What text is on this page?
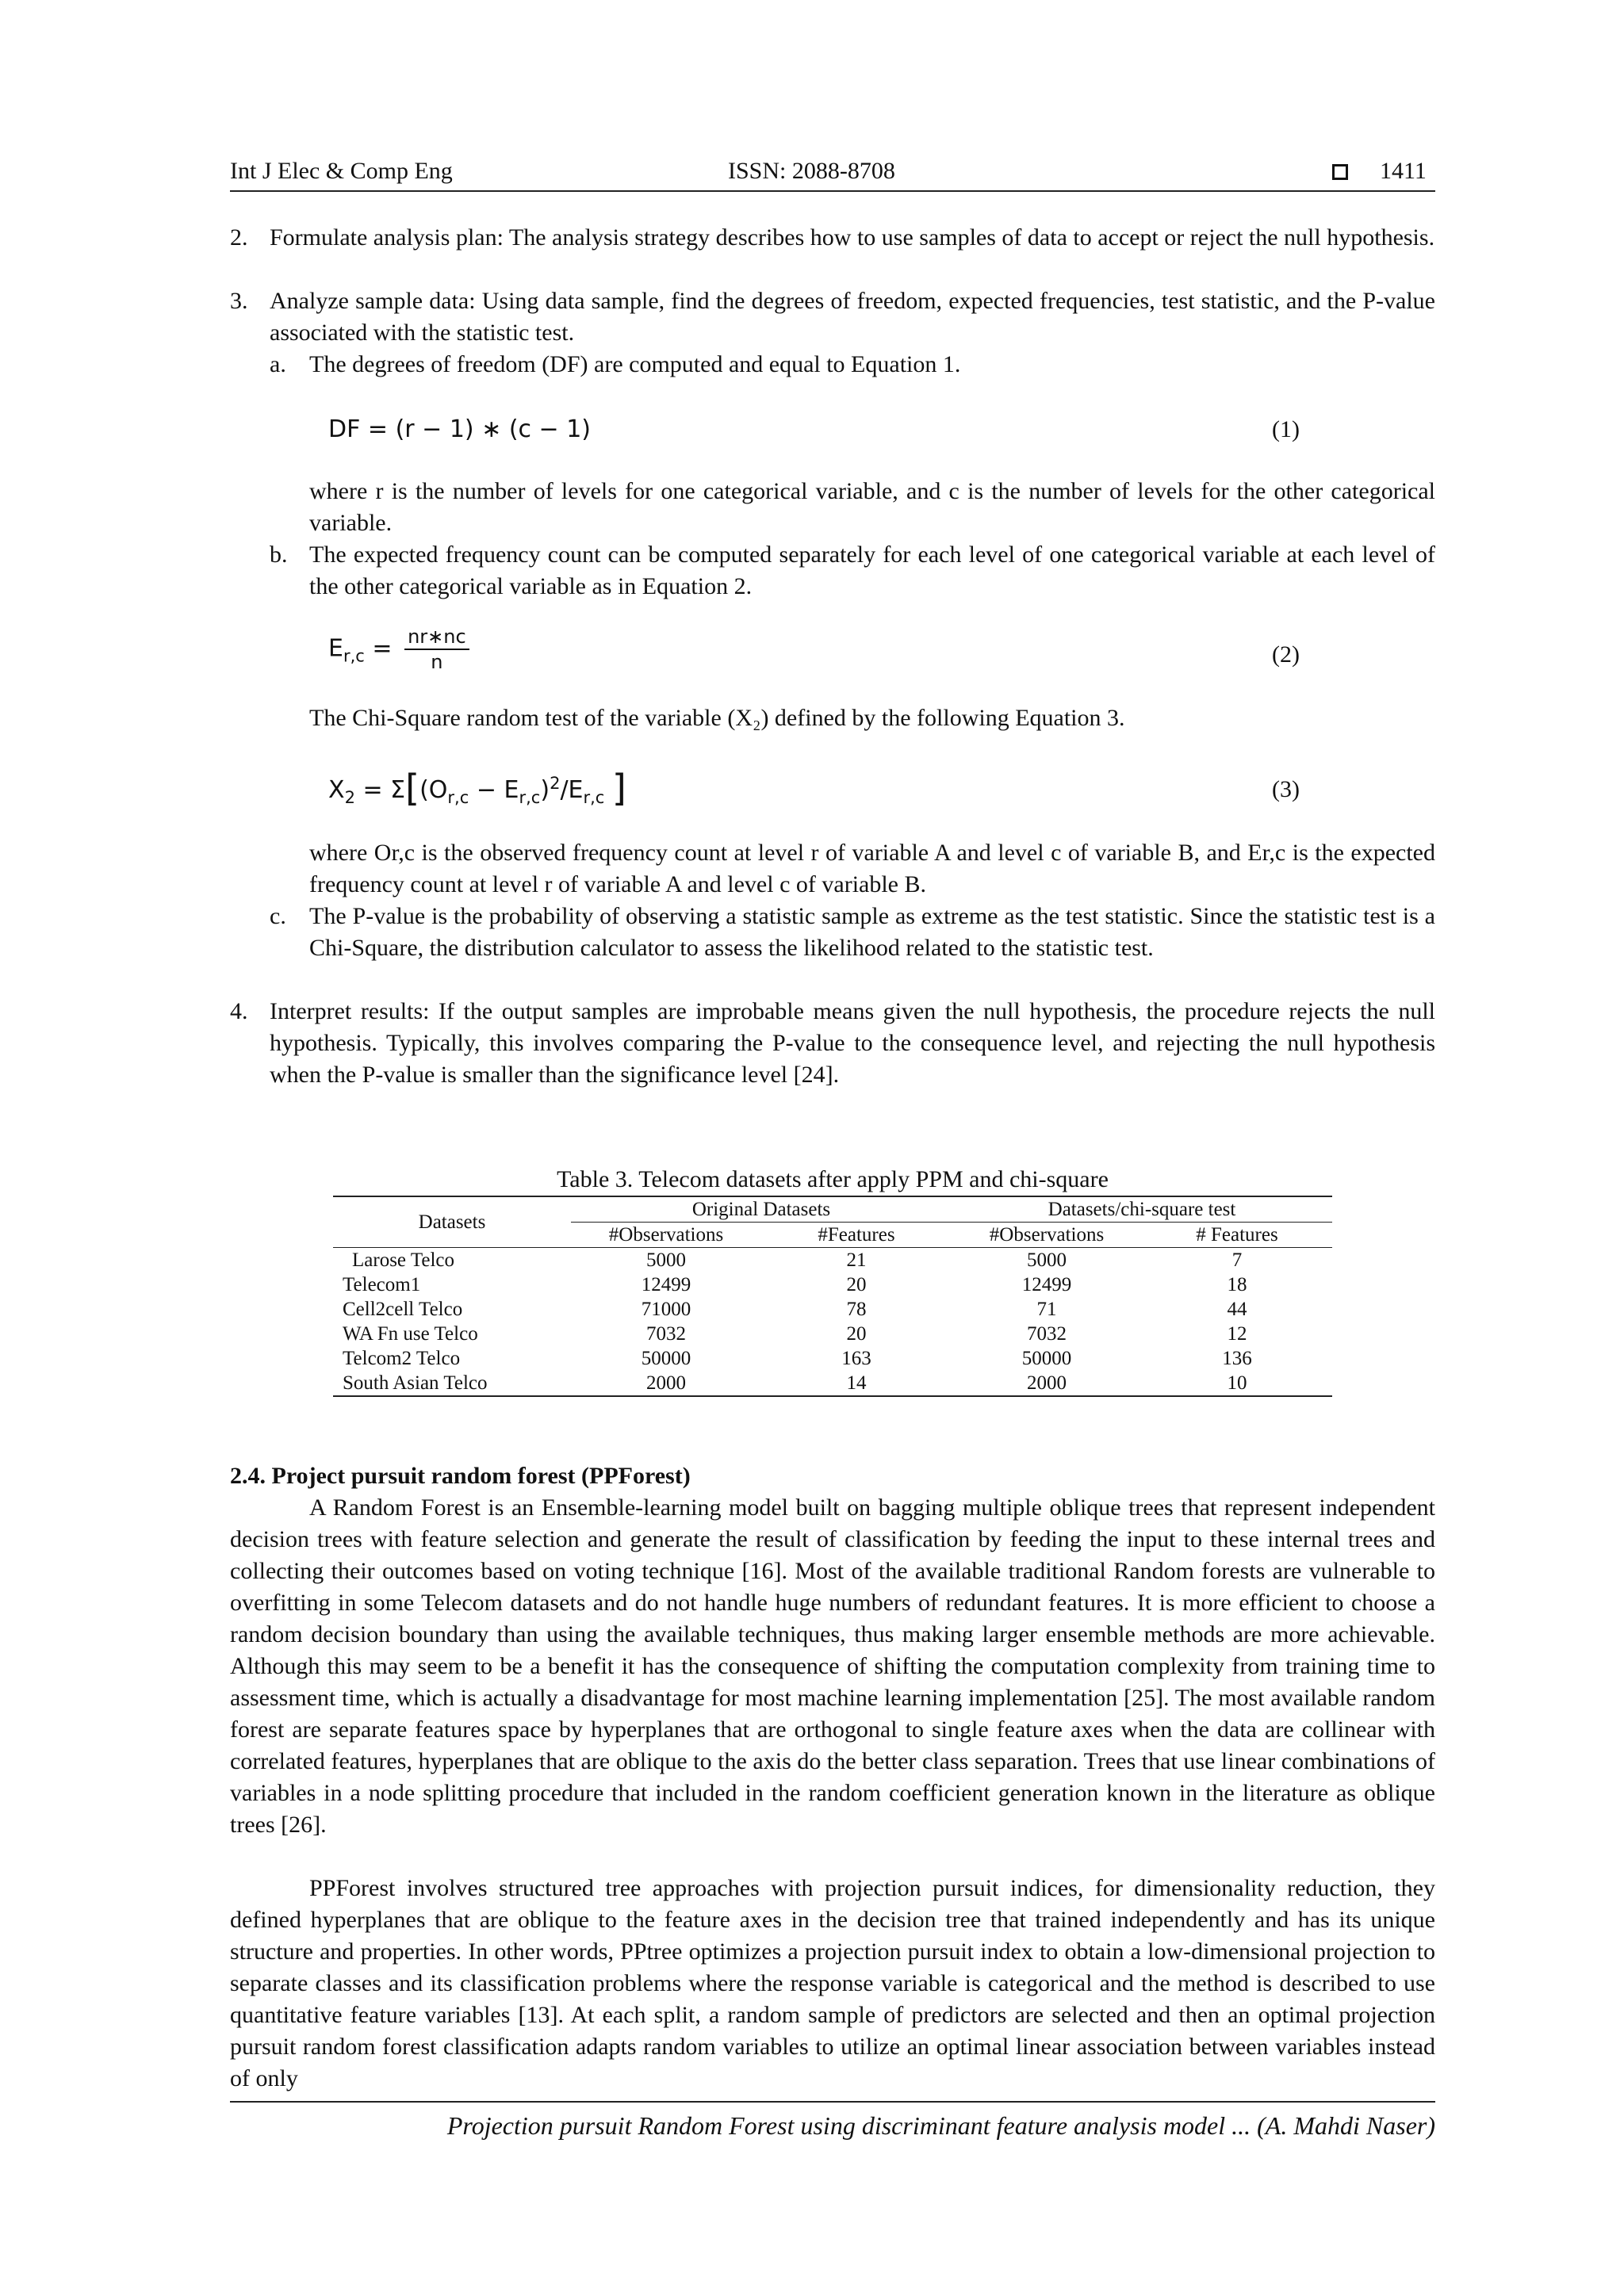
Int J Elec & Comp Eng	ISSN: 2088-8708	1411
2. Formulate analysis plan: The analysis strategy describes how to use samples of data to accept or reject the null hypothesis.
3. Analyze sample data: Using data sample, find the degrees of freedom, expected frequencies, test statistic, and the P-value associated with the statistic test.
a. The degrees of freedom (DF) are computed and equal to Equation 1.
DF = (r − 1) ∗ (c − 1)	(1)
where r is the number of levels for one categorical variable, and c is the number of levels for the other categorical variable.
b. The expected frequency count can be computed separately for each level of one categorical variable at each level of the other categorical variable as in Equation 2.
$E_{r,c} = \frac{nr∗nc}{n}$	(2)
The Chi-Square random test of the variable (X₂) defined by the following Equation 3.
$X_2 = \Sigma[(O_{r,c} - E_{r,c})^2/E_{r,c}$ ]	(3)
where Or,c is the observed frequency count at level r of variable A and level c of variable B, and Er,c is the expected frequency count at level r of variable A and level c of variable B.
c. The P-value is the probability of observing a statistic sample as extreme as the test statistic. Since the statistic test is a Chi-Square, the distribution calculator to assess the likelihood related to the statistic test.
4. Interpret results: If the output samples are improbable means given the null hypothesis, the procedure rejects the null hypothesis. Typically, this involves comparing the P-value to the consequence level, and rejecting the null hypothesis when the P-value is smaller than the significance level [24].
Table 3. Telecom datasets after apply PPM and chi-square
Datasets	Original Datasets		Datasets/chi-square test	
	#Observations	#Features	#Observations	# Features
Larose Telco	5000	21	5000	7
Telecom1	12499	20	12499	18
Cell2cell Telco	71000	78	71	44
WA Fn use Telco	7032	20	7032	12
Telcom2 Telco	50000	163	50000	136
South Asian Telco	2000	14	2000	10
2.4. Project pursuit random forest (PPForest)
A Random Forest is an Ensemble-learning model built on bagging multiple oblique trees that represent independent decision trees with feature selection and generate the result of classification by feeding the input to these internal trees and collecting their outcomes based on voting technique [16]. Most of the available traditional Random forests are vulnerable to overfitting in some Telecom datasets and do not handle huge numbers of redundant features. It is more efficient to choose a random decision boundary than using the available techniques, thus making larger ensemble methods are more achievable. Although this may seem to be a benefit it has the consequence of shifting the computation complexity from training time to assessment time, which is actually a disadvantage for most machine learning implementation [25]. The most available random forest are separate features space by hyperplanes that are orthogonal to single feature axes when the data are collinear with correlated features, hyperplanes that are oblique to the axis do the better class separation. Trees that use linear combinations of variables in a node splitting procedure that included in the random coefficient generation known in the literature as oblique trees [26].
PPForest involves structured tree approaches with projection pursuit indices, for dimensionality reduction, they defined hyperplanes that are oblique to the feature axes in the decision tree that trained independently and has its unique structure and properties. In other words, PPtree optimizes a projection pursuit index to obtain a low-dimensional projection to separate classes and its classification problems where the response variable is categorical and the method is described to use quantitative feature variables [13]. At each split, a random sample of predictors are selected and then an optimal projection pursuit random forest classification adapts random variables to utilize an optimal linear association between variables instead of only
Projection pursuit Random Forest using discriminant feature analysis model ... (A. Mahdi Naser)
